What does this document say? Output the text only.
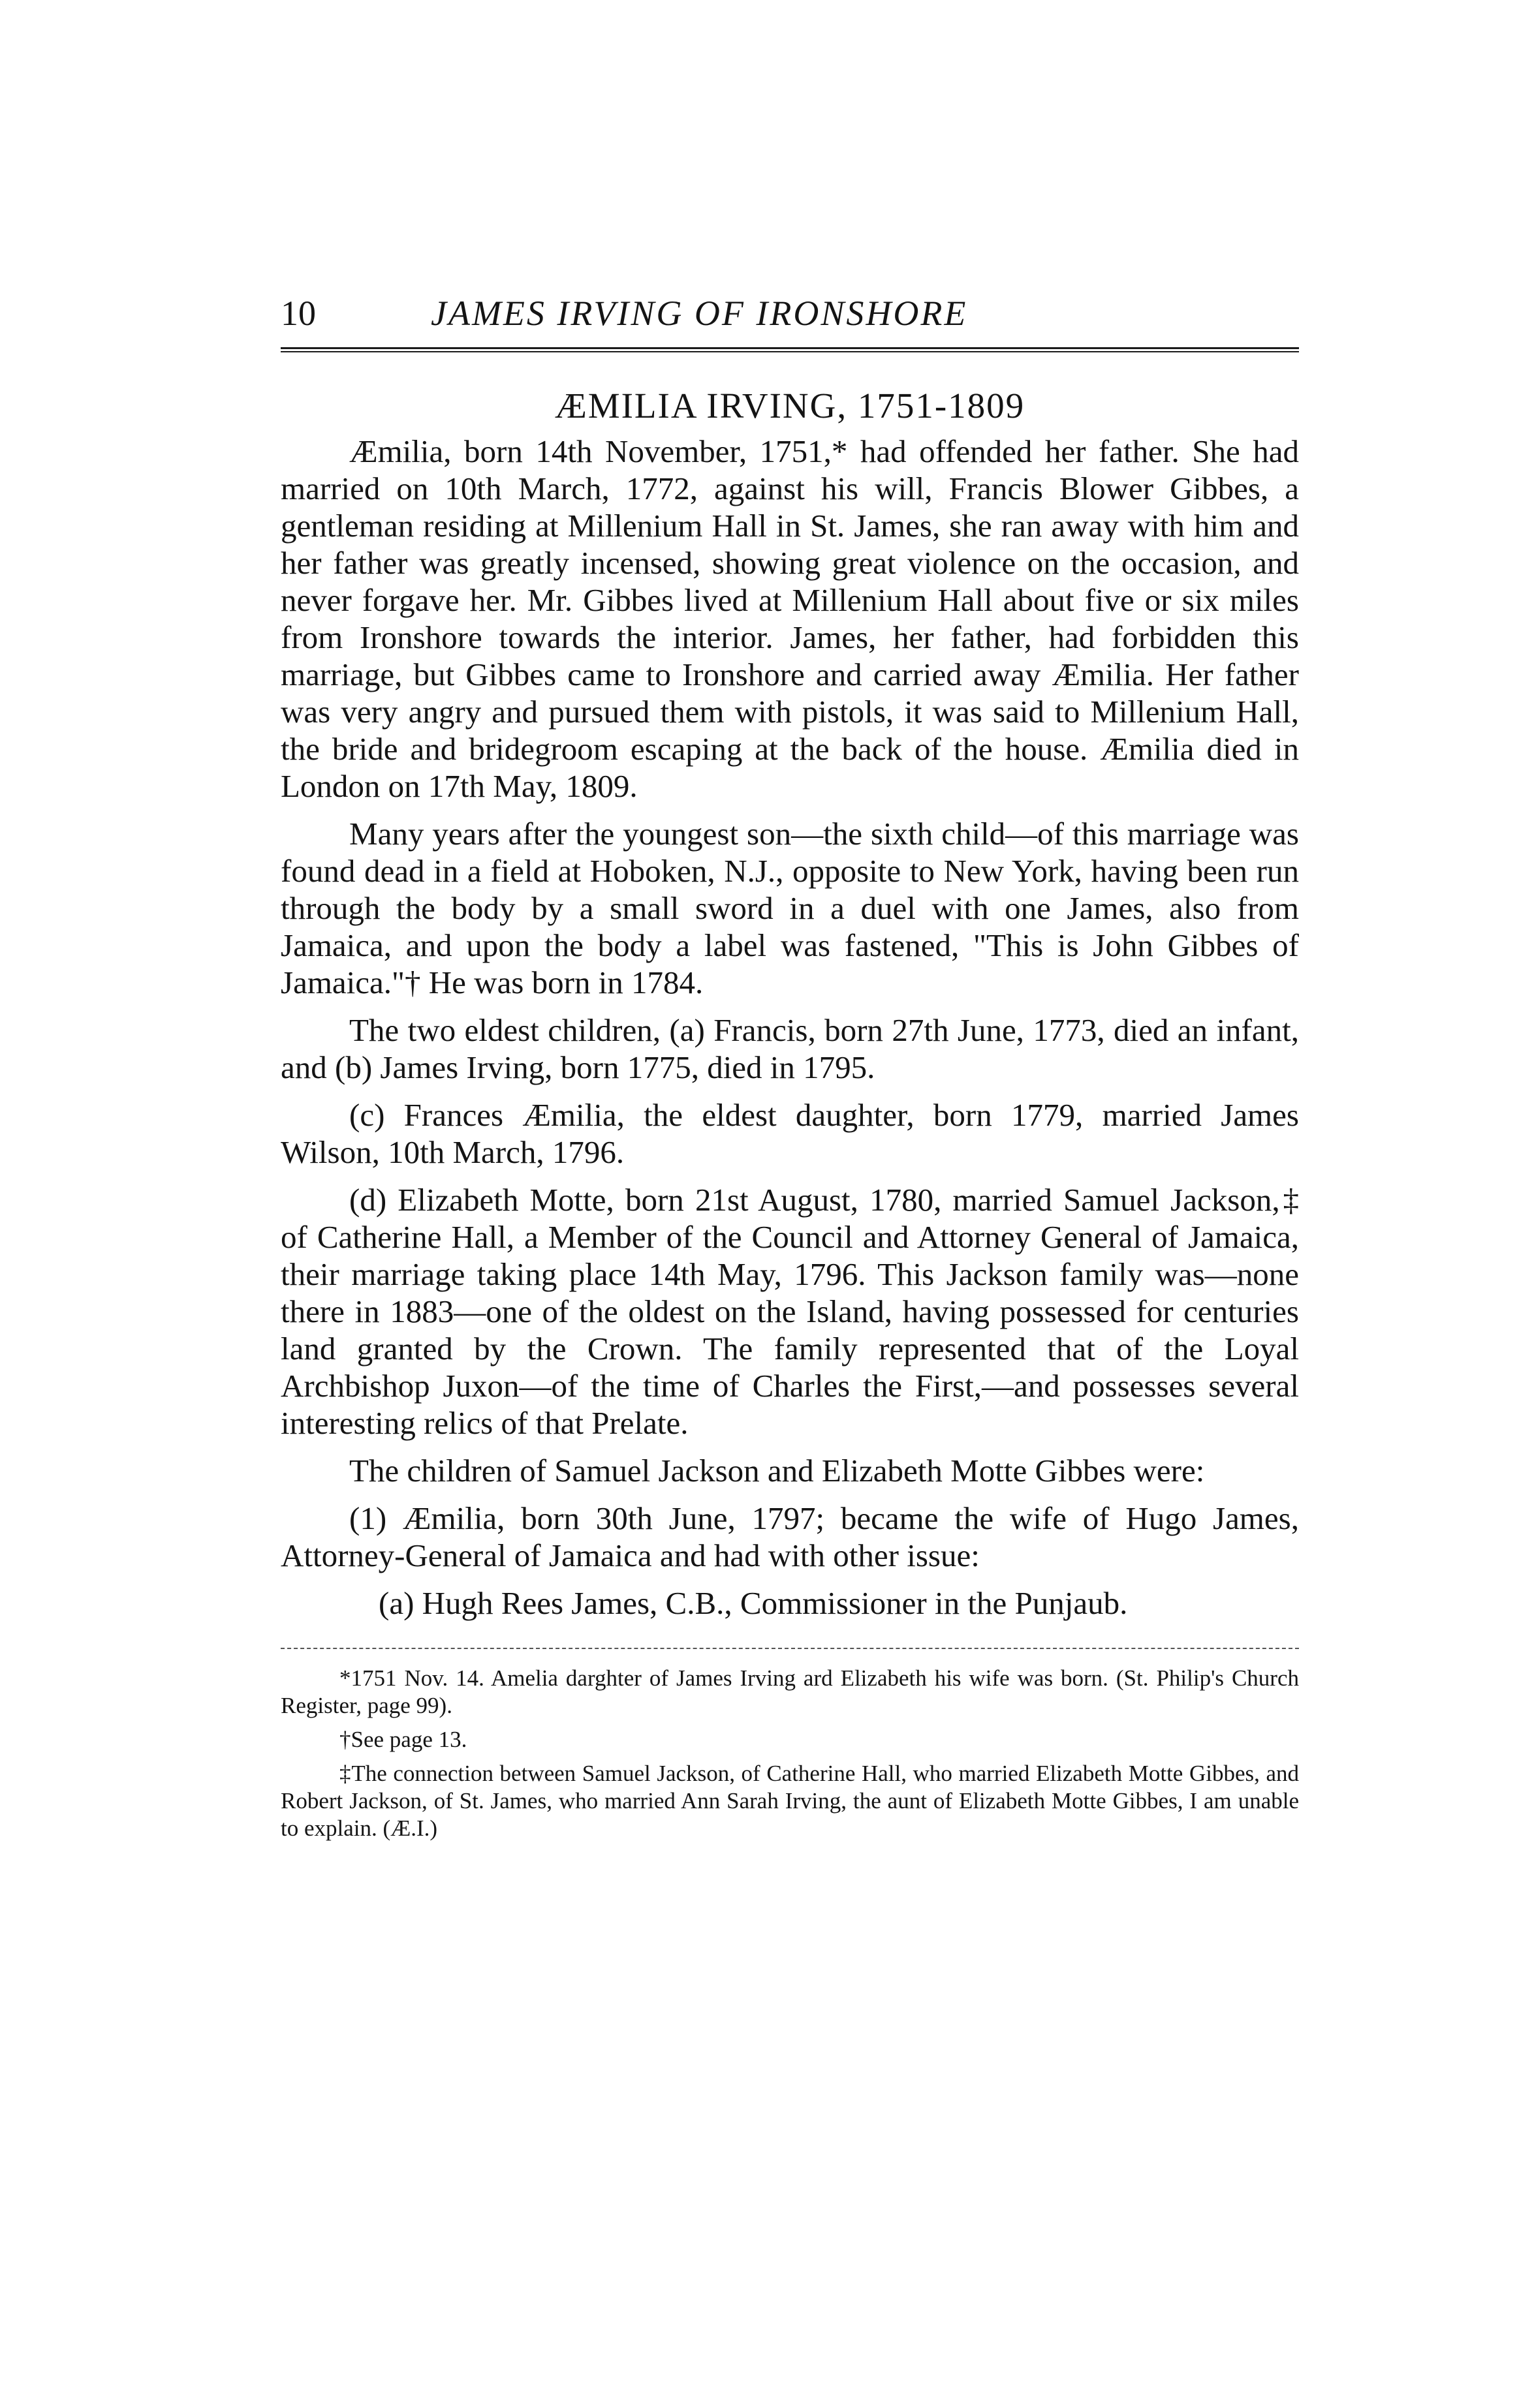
10	JAMES IRVING OF IRONSHORE
ÆMILIA IRVING, 1751-1809

Æmilia, born 14th November, 1751,* had offended her father. She had married on 10th March, 1772, against his will, Francis Blower Gibbes, a gentleman residing at Millenium Hall in St. James, she ran away with him and her father was greatly incensed, showing great violence on the occasion, and never forgave her. Mr. Gibbes lived at Millenium Hall about five or six miles from Ironshore towards the interior. James, her father, had forbidden this marriage, but Gibbes came to Ironshore and carried away Æmilia. Her father was very angry and pursued them with pistols, it was said to Millenium Hall, the bride and bridegroom escaping at the back of the house. Æmilia died in London on 17th May, 1809.

Many years after the youngest son—the sixth child—of this marriage was found dead in a field at Hoboken, N.J., opposite to New York, having been run through the body by a small sword in a duel with one James, also from Jamaica, and upon the body a label was fastened, "This is John Gibbes of Jamaica."† He was born in 1784.

The two eldest children, (a) Francis, born 27th June, 1773, died an infant, and (b) James Irving, born 1775, died in 1795.

(c) Frances Æmilia, the eldest daughter, born 1779, married James Wilson, 10th March, 1796.

(d) Elizabeth Motte, born 21st August, 1780, married Samuel Jackson,‡ of Catherine Hall, a Member of the Council and Attorney General of Jamaica, their marriage taking place 14th May, 1796. This Jackson family was—none there in 1883—one of the oldest on the Island, having possessed for centuries land granted by the Crown. The family represented that of the Loyal Archbishop Juxon—of the time of Charles the First,—and possesses several interesting relics of that Prelate.

The children of Samuel Jackson and Elizabeth Motte Gibbes were:

(1) Æmilia, born 30th June, 1797; became the wife of Hugo James, Attorney-General of Jamaica and had with other issue:

(a) Hugh Rees James, C.B., Commissioner in the Punjaub.

*1751 Nov. 14. Amelia darghter of James Irving ard Elizabeth his wife was born. (St. Philip's Church Register, page 99).

†See page 13.

‡The connection between Samuel Jackson, of Catherine Hall, who married Elizabeth Motte Gibbes, and Robert Jackson, of St. James, who married Ann Sarah Irving, the aunt of Elizabeth Motte Gibbes, I am unable to explain. (Æ.I.)
